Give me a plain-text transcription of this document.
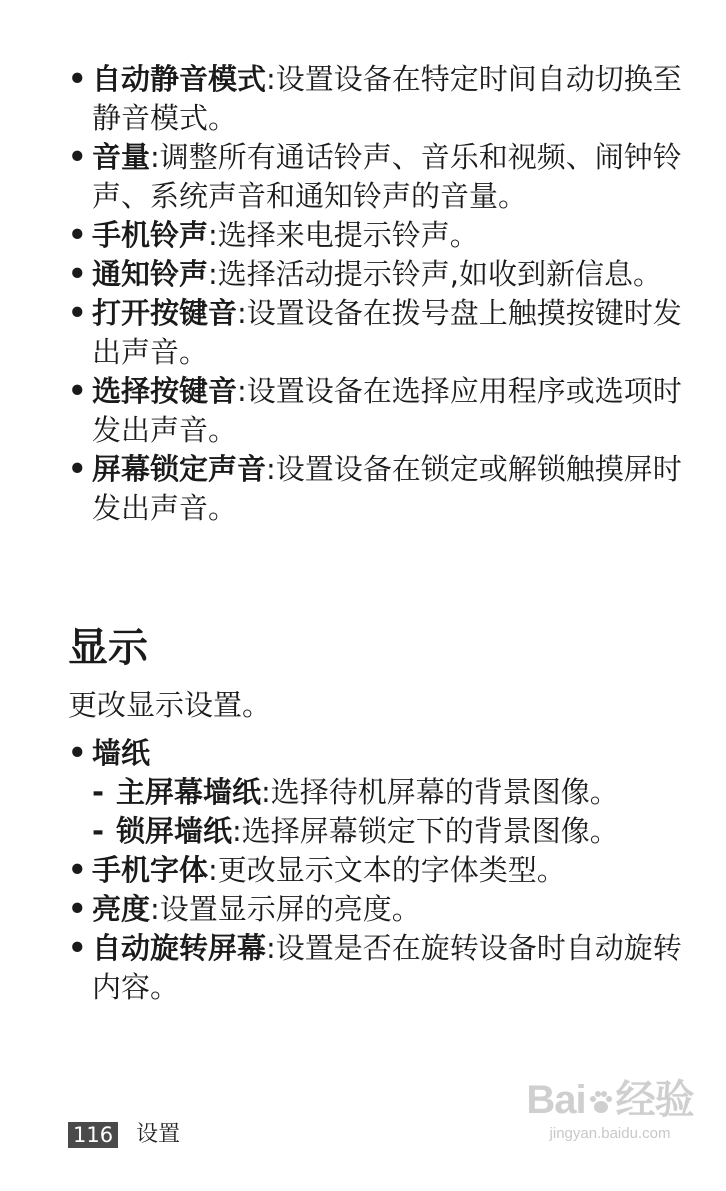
• 自动静音模式:设置设备在特定时间自动切换至静音模式。
• 音量:调整所有通话铃声、音乐和视频、闹钟铃声、系统声音和通知铃声的音量。
• 手机铃声:选择来电提示铃声。
• 通知铃声:选择活动提示铃声,如收到新信息。
• 打开按键音:设置设备在拨号盘上触摸按键时发出声音。
• 选择按键音:设置设备在选择应用程序或选项时发出声音。
• 屏幕锁定声音:设置设备在锁定或解锁触摸屏时发出声音。
显示

更改显示设置。

• 墙纸
- 主屏幕墙纸:选择待机屏幕的背景图像。
- 锁屏墙纸:选择屏幕锁定下的背景图像。
• 手机字体:更改显示文本的字体类型。
• 亮度:设置显示屏的亮度。
• 自动旋转屏幕:设置是否在旋转设备时自动旋转内容。
116 设置
Bai 经验
jingyan.baidu.com
